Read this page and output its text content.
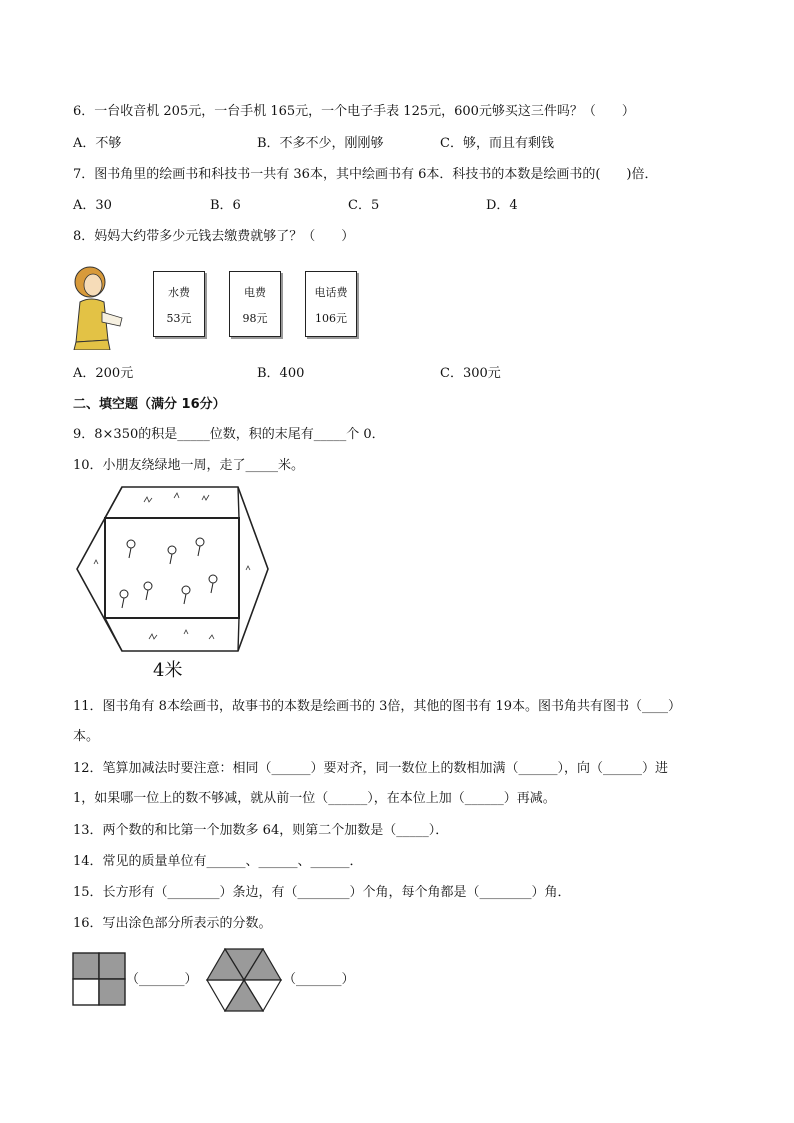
6．一台收音机 205元，一台手机 165元，一个电子手表 125元，600元够买这三件吗？（　　）
A．不够	B．不多不少，刚刚够	C．够，而且有剩钱
7．图书角里的绘画书和科技书一共有 36本，其中绘画书有 6本．科技书的本数是绘画书的(　　)倍．
A．30	B．6	C．5	D．4
8．妈妈大约带多少元钱去缴费就够了？（　　）
水费
53元
电费
98元
电话费
106元
A．200元	B．400	C．300元
二、填空题（满分 16分）
9．8×350的积是_____位数，积的末尾有_____个 0．
10．小朋友绕绿地一周，走了_____米。
4米
11．图书角有 8本绘画书，故事书的本数是绘画书的 3倍，其他的图书有 19本。图书角共有图书（____）
本。
12．笔算加减法时要注意：相同（______）要对齐，同一数位上的数相加满（______），向（______）进
1，如果哪一位上的数不够减，就从前一位（______），在本位上加（______）再减。
13．两个数的和比第一个加数多 64，则第二个加数是（_____）．
14．常见的质量单位有______、______、______．
15．长方形有（________）条边，有（________）个角，每个角都是（________）角．
16．写出涂色部分所表示的分数。
（_______）	（_______）
